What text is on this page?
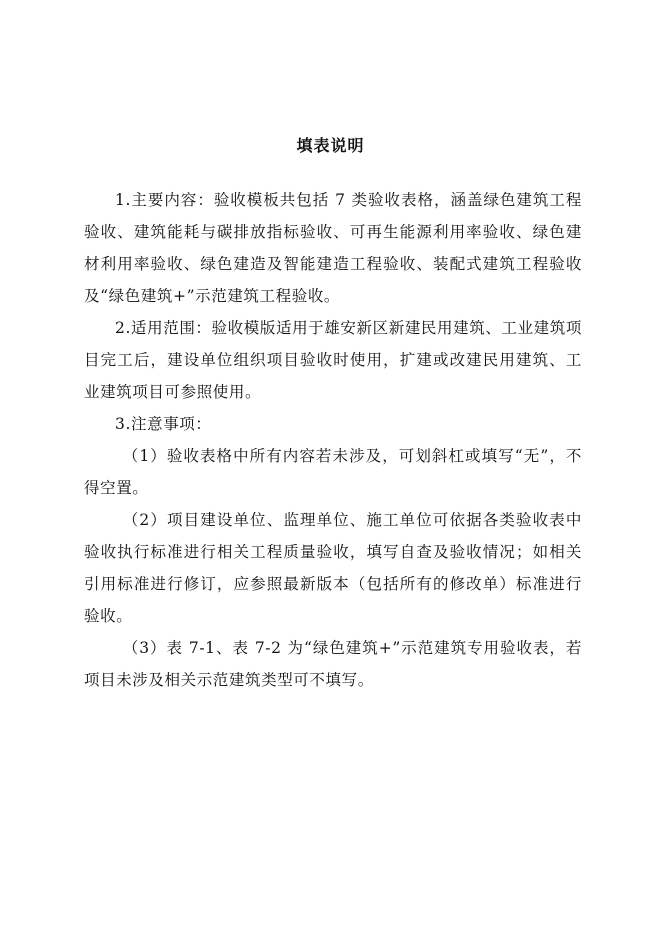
填表说明

1.主要内容：验收模板共包括 7 类验收表格，涵盖绿色建筑工程验收、建筑能耗与碳排放指标验收、可再生能源利用率验收、绿色建材利用率验收、绿色建造及智能建造工程验收、装配式建筑工程验收及“绿色建筑+”示范建筑工程验收。

2.适用范围：验收模版适用于雄安新区新建民用建筑、工业建筑项目完工后，建设单位组织项目验收时使用，扩建或改建民用建筑、工业建筑项目可参照使用。

3.注意事项：

（1）验收表格中所有内容若未涉及，可划斜杠或填写“无”，不得空置。

（2）项目建设单位、监理单位、施工单位可依据各类验收表中验收执行标准进行相关工程质量验收，填写自查及验收情况；如相关引用标准进行修订，应参照最新版本（包括所有的修改单）标准进行验收。

（3）表 7-1、表 7-2 为“绿色建筑+”示范建筑专用验收表，若项目未涉及相关示范建筑类型可不填写。
